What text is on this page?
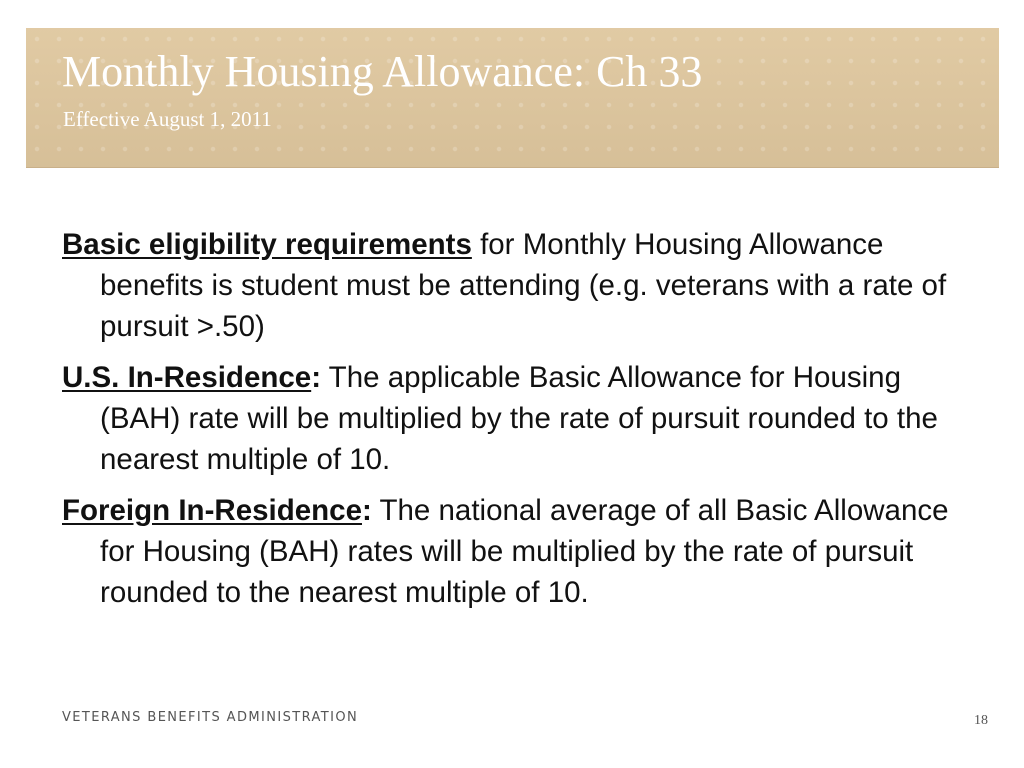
Monthly Housing Allowance: Ch 33
Effective August 1, 2011

Basic eligibility requirements for Monthly Housing Allowance benefits is student must be attending (e.g. veterans with a rate of pursuit >.50)

U.S. In-Residence: The applicable Basic Allowance for Housing (BAH) rate will be multiplied by the rate of pursuit rounded to the nearest multiple of 10.

Foreign In-Residence: The national average of all Basic Allowance for Housing (BAH) rates will be multiplied by the rate of pursuit rounded to the nearest multiple of 10.

VETERANS BENEFITS ADMINISTRATION	18
